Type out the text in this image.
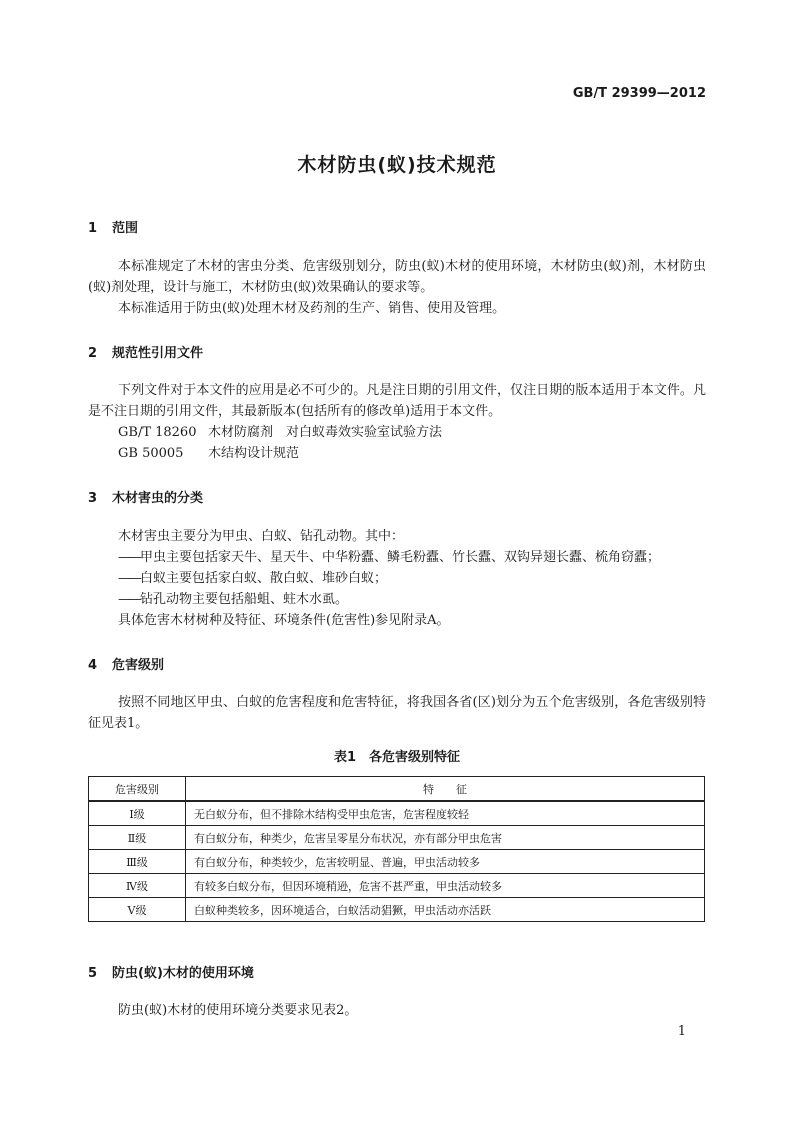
GB/T 29399—2012
木材防虫(蚁)技术规范
1 范围
本标准规定了木材的害虫分类、危害级别划分，防虫(蚁)木材的使用环境，木材防虫(蚁)剂，木材防虫(蚁)剂处理，设计与施工，木材防虫(蚁)效果确认的要求等。
本标准适用于防虫(蚁)处理木材及药剂的生产、销售、使用及管理。
2 规范性引用文件
下列文件对于本文件的应用是必不可少的。凡是注日期的引用文件，仅注日期的版本适用于本文件。凡是不注日期的引用文件，其最新版本(包括所有的修改单)适用于本文件。
GB/T 18260 木材防腐剂　对白蚁毒效实验室试验方法
GB 50005 木结构设计规范
3 木材害虫的分类
木材害虫主要分为甲虫、白蚁、钻孔动物。其中：
——甲虫主要包括家天牛、星天牛、中华粉蠹、鳞毛粉蠹、竹长蠹、双钩异翅长蠹、梳角窃蠹；
——白蚁主要包括家白蚁、散白蚁、堆砂白蚁；
——钻孔动物主要包括船蛆、蛀木水虱。
具体危害木材树种及特征、环境条件(危害性)参见附录A。
4 危害级别
按照不同地区甲虫、白蚁的危害程度和危害特征，将我国各省(区)划分为五个危害级别，各危害级别特征见表1。
表1　各危害级别特征
危害级别	特　　征
Ⅰ级	无白蚁分布，但不排除木结构受甲虫危害，危害程度较轻
Ⅱ级	有白蚁分布，种类少，危害呈零星分布状况，亦有部分甲虫危害
Ⅲ级	有白蚁分布，种类较少，危害较明显、普遍，甲虫活动较多
Ⅳ级	有较多白蚁分布，但因环境稍逊，危害不甚严重，甲虫活动较多
Ⅴ级	白蚁种类较多，因环境适合，白蚁活动猖獗，甲虫活动亦活跃
5 防虫(蚁)木材的使用环境
防虫(蚁)木材的使用环境分类要求见表2。
1
